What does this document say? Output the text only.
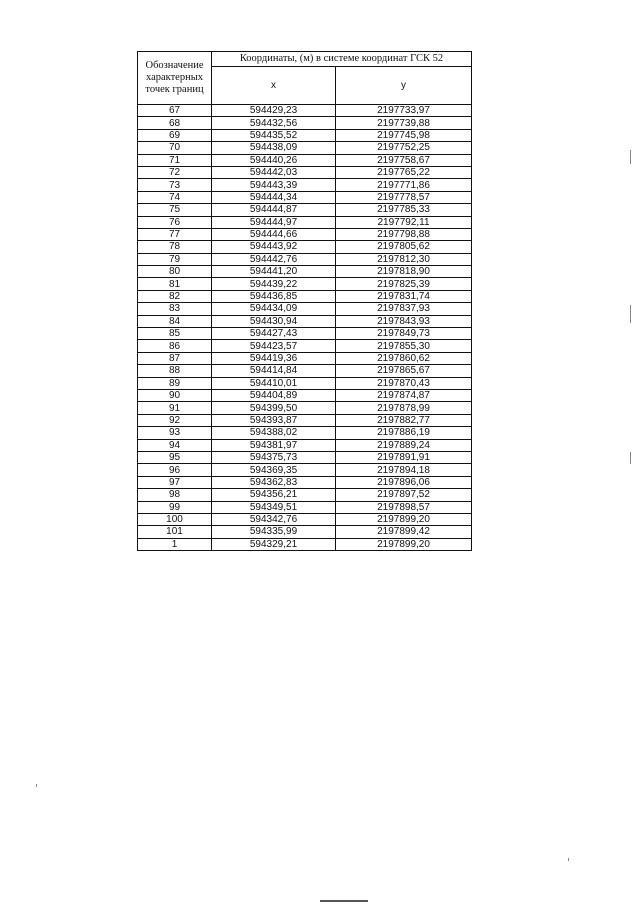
Обозначение характерных точек границ	Координаты, (м) в системе координат ГСК 52	
	x	y
67	594429,23	2197733,97
68	594432,56	2197739,88
69	594435,52	2197745,98
70	594438,09	2197752,25
71	594440,26	2197758,67
72	594442,03	2197765,22
73	594443,39	2197771,86
74	594444,34	2197778,57
75	594444,87	2197785,33
76	594444,97	2197792,11
77	594444,66	2197798,88
78	594443,92	2197805,62
79	594442,76	2197812,30
80	594441,20	2197818,90
81	594439,22	2197825,39
82	594436,85	2197831,74
83	594434,09	2197837,93
84	594430,94	2197843,93
85	594427,43	2197849,73
86	594423,57	2197855,30
87	594419,36	2197860,62
88	594414,84	2197865,67
89	594410,01	2197870,43
90	594404,89	2197874,87
91	594399,50	2197878,99
92	594393,87	2197882,77
93	594388,02	2197886,19
94	594381,97	2197889,24
95	594375,73	2197891,91
96	594369,35	2197894,18
97	594362,83	2197896,06
98	594356,21	2197897,52
99	594349,51	2197898,57
100	594342,76	2197899,20
101	594335,99	2197899,42
1	594329,21	2197899,20
